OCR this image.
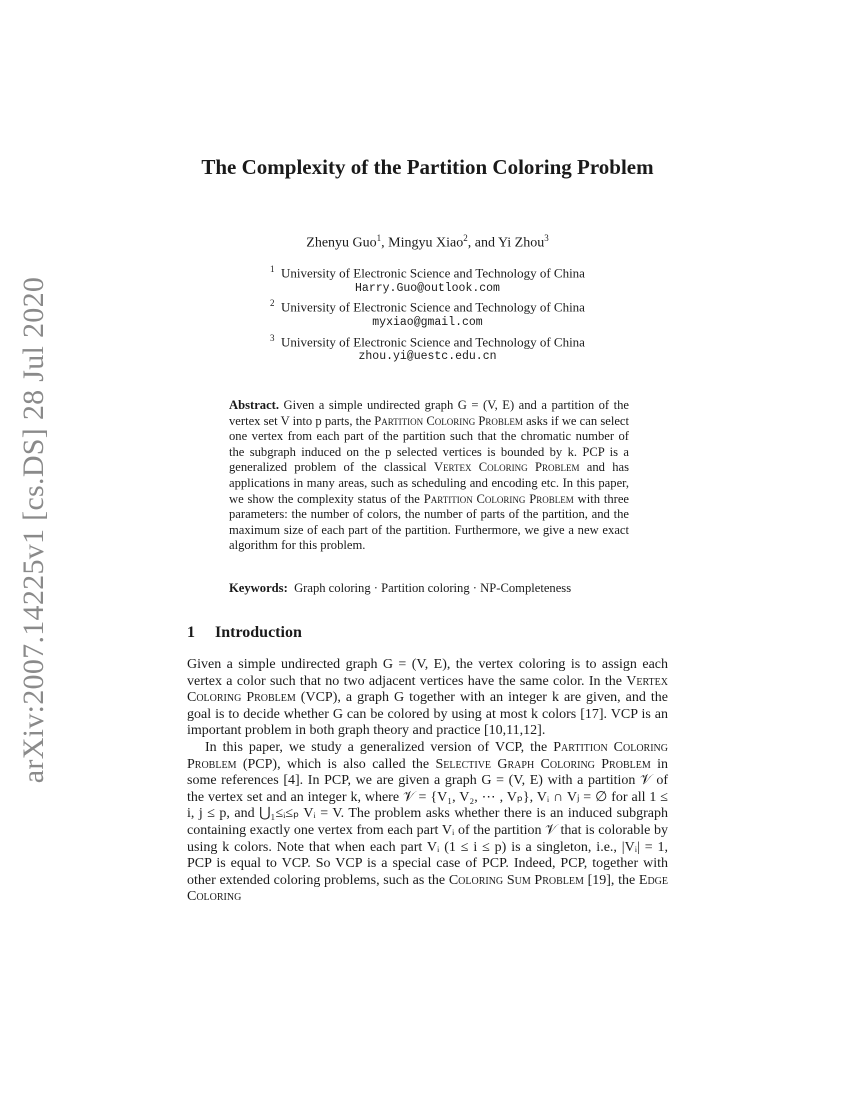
arXiv:2007.14225v1 [cs.DS] 28 Jul 2020
The Complexity of the Partition Coloring Problem
Zhenyu Guo$^1$, Mingyu Xiao$^2$, and Yi Zhou$^3$
$^1$ University of Electronic Science and Technology of China
Harry.Guo@outlook.com
$^2$ University of Electronic Science and Technology of China
myxiao@gmail.com
$^3$ University of Electronic Science and Technology of China
zhou.yi@uestc.edu.cn
Abstract. Given a simple undirected graph G = (V, E) and a partition of the vertex set V into p parts, the Partition Coloring Problem asks if we can select one vertex from each part of the partition such that the chromatic number of the subgraph induced on the p selected vertices is bounded by k. PCP is a generalized problem of the classical Vertex Coloring Problem and has applications in many areas, such as scheduling and encoding etc. In this paper, we show the complexity status of the Partition Coloring Problem with three parameters: the number of colors, the number of parts of the partition, and the maximum size of each part of the partition. Furthermore, we give a new exact algorithm for this problem.
Keywords: Graph coloring · Partition coloring · NP-Completeness
1 Introduction

Given a simple undirected graph G = (V, E), the vertex coloring is to assign each vertex a color such that no two adjacent vertices have the same color. In the Vertex Coloring Problem (VCP), a graph G together with an integer k are given, and the goal is to decide whether G can be colored by using at most k colors [17]. VCP is an important problem in both graph theory and practice [10,11,12].

In this paper, we study a generalized version of VCP, the Partition Coloring Problem (PCP), which is also called the Selective Graph Coloring Problem in some references [4]. In PCP, we are given a graph G = (V, E) with a partition 𝒱 of the vertex set and an integer k, where 𝒱 = {V₁, V₂, ⋯ , Vₚ}, Vᵢ ∩ Vⱼ = ∅ for all 1 ≤ i, j ≤ p, and ⋃₁≤ᵢ≤ₚ Vᵢ = V. The problem asks whether there is an induced subgraph containing exactly one vertex from each part Vᵢ of the partition 𝒱 that is colorable by using k colors. Note that when each part Vᵢ (1 ≤ i ≤ p) is a singleton, i.e., |Vᵢ| = 1, PCP is equal to VCP. So VCP is a special case of PCP. Indeed, PCP, together with other extended coloring problems, such as the Coloring Sum Problem [19], the Edge Coloring
